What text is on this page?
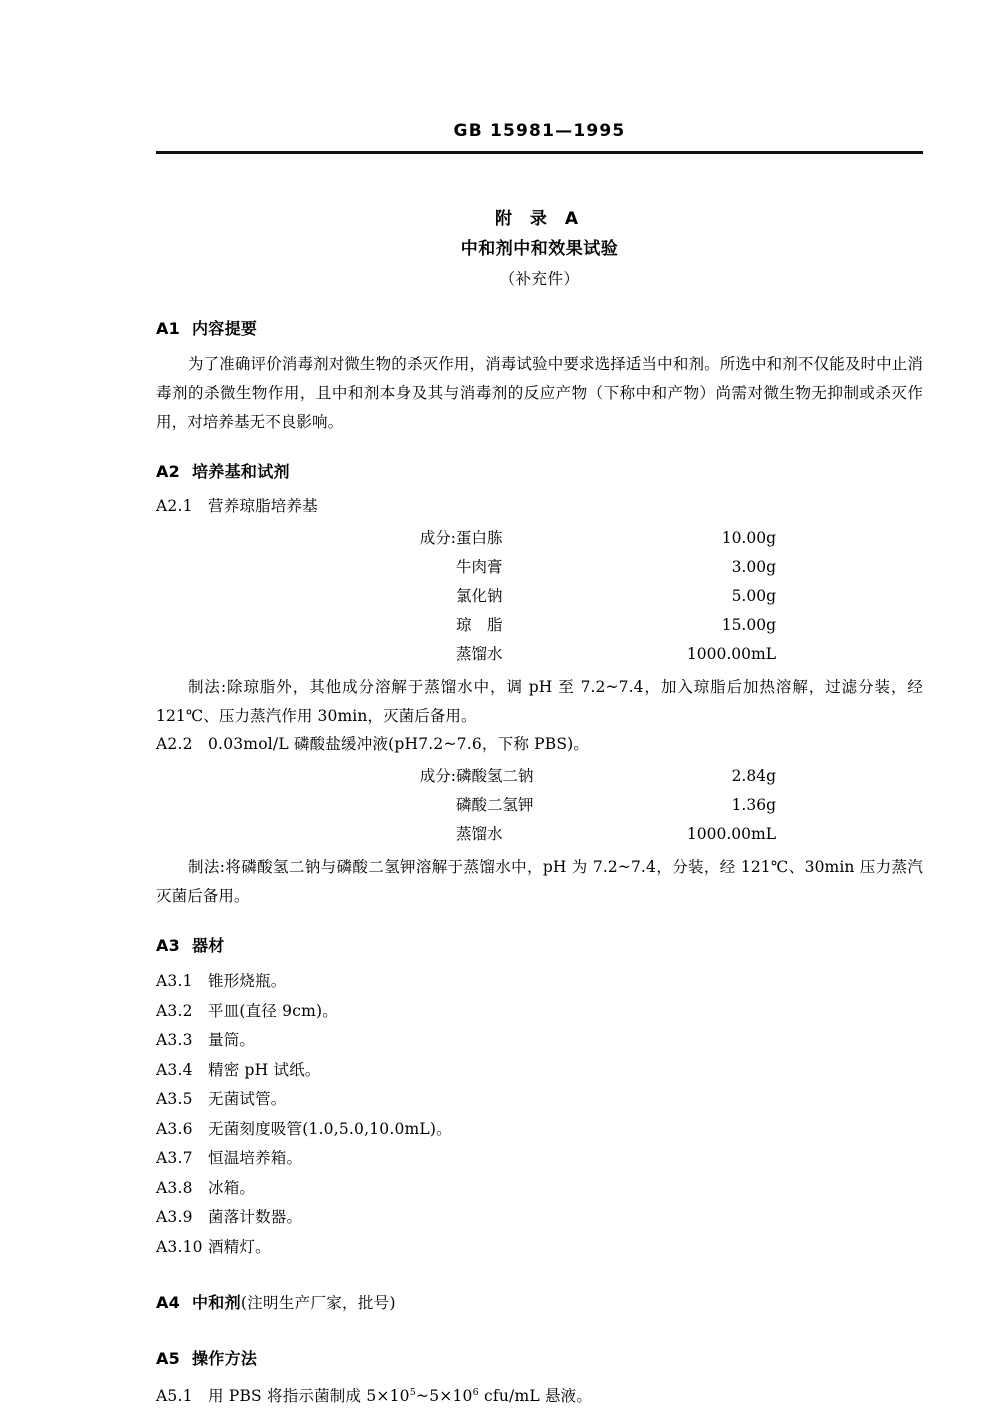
GB 15981—1995
附 录 A
中和剂中和效果试验
（补充件）
A1 内容提要

为了准确评价消毒剂对微生物的杀灭作用，消毒试验中要求选择适当中和剂。所选中和剂不仅能及时中止消毒剂的杀微生物作用，且中和剂本身及其与消毒剂的反应产物（下称中和产物）尚需对微生物无抑制或杀灭作用，对培养基无不良影响。

A2 培养基和试剂
A2.1 营养琼脂培养基
成分:	蛋白胨	10.00g
	牛肉膏	3.00g
	氯化钠	5.00g
	琼　脂	15.00g
	蒸馏水	1000.00mL

制法:除琼脂外，其他成分溶解于蒸馏水中，调 pH 至 7.2~7.4，加入琼脂后加热溶解，过滤分装，经 121℃、压力蒸汽作用 30min，灭菌后备用。

A2.2 0.03mol/L 磷酸盐缓冲液(pH7.2~7.6，下称 PBS)。
成分:	磷酸氢二钠	2.84g
	磷酸二氢钾	1.36g
	蒸馏水	1000.00mL

制法:将磷酸氢二钠与磷酸二氢钾溶解于蒸馏水中，pH 为 7.2~7.4，分装，经 121℃、30min 压力蒸汽灭菌后备用。

A3 器材
A3.1 锥形烧瓶。
A3.2 平皿(直径 9cm)。
A3.3 量筒。
A3.4 精密 pH 试纸。
A3.5 无菌试管。
A3.6 无菌刻度吸管(1.0,5.0,10.0mL)。
A3.7 恒温培养箱。
A3.8 冰箱。
A3.9 菌落计数器。
A3.10 酒精灯。
A4 中和剂(注明生产厂家，批号)
A5 操作方法
A5.1 用 PBS 将指示菌制成 $5\times 10^5\sim 5\times 10^6$ cfu/mL 悬液。
